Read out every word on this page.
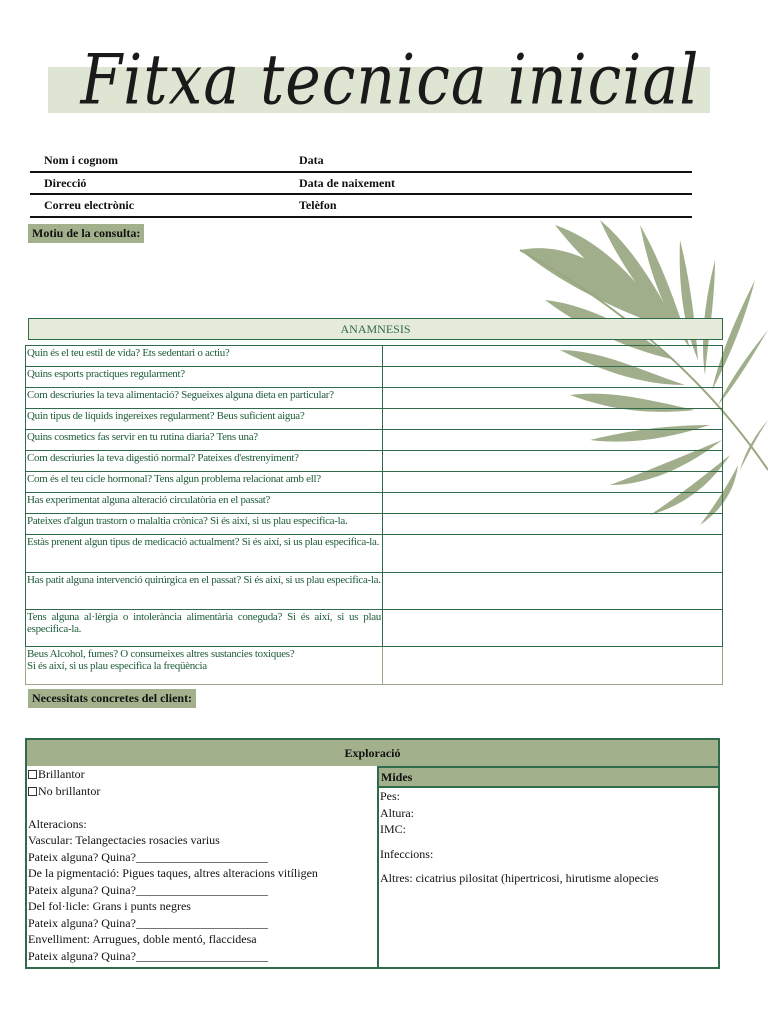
Fitxa tecnica inicial
Nom i cognom	Data
Direcció	Data de naixement
Correu electrònic	Telèfon
Motiu de la consulta:
ANAMNESIS
Quin és el teu estil de vida? Ets sedentari o actiu?	
Quins esports practiques regularment?	
Com descriuries la teva alimentació? Segueixes alguna dieta en particular?	
Quin tipus de líquids ingereixes regularment? Beus suficient aigua?	
Quins cosmetics fas servir en tu rutina diaria? Tens una?	
Com descriuries la teva digestió normal? Pateixes d'estrenyiment?	
Com és el teu cicle hormonal? Tens algun problema relacionat amb ell?	
Has experimentat alguna alteració circulatòria en el passat?	
Pateixes d'algun trastorn o malaltia crònica? Si és així, si us plau especifica-la.	
Estàs prenent algun tipus de medicació actualment? Si és així, si us plau especifica-la.	
Has patit alguna intervenció quirúrgica en el passat? Si és així, si us plau especifica-la.	
Tens alguna al·lèrgia o intolerància alimentària coneguda? Si és així, si us plau especifica-la.	
Beus Alcohol, fumes? O consumeixes altres sustancies toxiques?
Si és així, si us plau especifica la freqüència	
Necessitats concretes del client:
Exploració
Brillantor
No brillantor
Alteracions:
Vascular: Telangectacies rosacies varius
Pateix alguna? Quina?______________________
De la pigmentació: Pigues taques, altres alteracions vitíligen
Pateix alguna? Quina?______________________
Del fol·licle: Grans i punts negres
Pateix alguna? Quina?______________________
Envelliment: Arrugues, doble mentó, flaccidesa
Pateix alguna? Quina?______________________
Mides
Pes:
Altura:
IMC:
Infeccions:
Altres: cicatrius pilositat (hipertricosi, hirutisme alopecies
